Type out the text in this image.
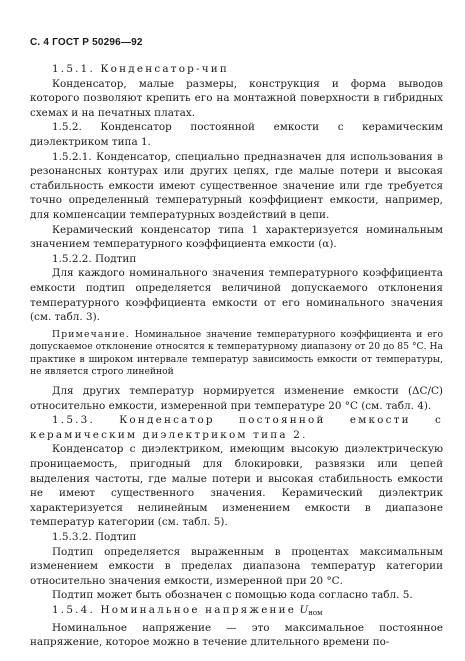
С. 4 ГОСТ Р 50296—92

1.5.1. Конденсатор-чип

Конденсатор, малые размеры, конструкция и форма выводов которого позволяют крепить его на монтажной поверхности в гибридных схемах и на печатных платах.

1.5.2. Конденсатор постоянной емкости с керамическим диэлектриком типа 1.

1.5.2.1. Конденсатор, специально предназначен для использования в резонансных контурах или других цепях, где малые потери и высокая стабильность емкости имеют существенное значение или где требуется точно определенный температурный коэффициент емкости, например, для компенсации температурных воздействий в цепи.

Керамический конденсатор типа 1 характеризуется номинальным значением температурного коэффициента емкости (α).

1.5.2.2. Подтип

Для каждого номинального значения температурного коэффициента емкости подтип определяется величиной допускаемого отклонения температурного коэффициента емкости от его номинального значения (см. табл. 3).

Примечание. Номинальное значение температурного коэффициента и его допускаемое отклонение относятся к температурному диапазону от 20 до 85 °С. На практике в широком интервале температур зависимость емкости от температуры, не является строго линейной

Для других температур нормируется изменение емкости (ΔС/С) относительно емкости, измеренной при температуре 20 °С (см. табл. 4).

1.5.3. Конденсатор постоянной емкости с керамическим диэлектриком типа 2.

Конденсатор с диэлектриком, имеющим высокую диэлектрическую проницаемость, пригодный для блокировки, развязки или цепей выделения частоты, где малые потери и высокая стабильность емкости не имеют существенного значения. Керамический диэлектрик характеризуется нелинейным изменением емкости в диапазоне температур категории (см. табл. 5).

1.5.3.2. Подтип

Подтип определяется выраженным в процентах максимальным изменением емкости в пределах диапазона температур категории относительно значения емкости, измеренной при 20 °С.

Подтип может быть обозначен с помощью кода согласно табл. 5.

1.5.4. Номинальное напряжение $U_{ном}$

Номинальное напряжение — это максимальное постоянное напряжение, которое можно в течение длительного времени по-
